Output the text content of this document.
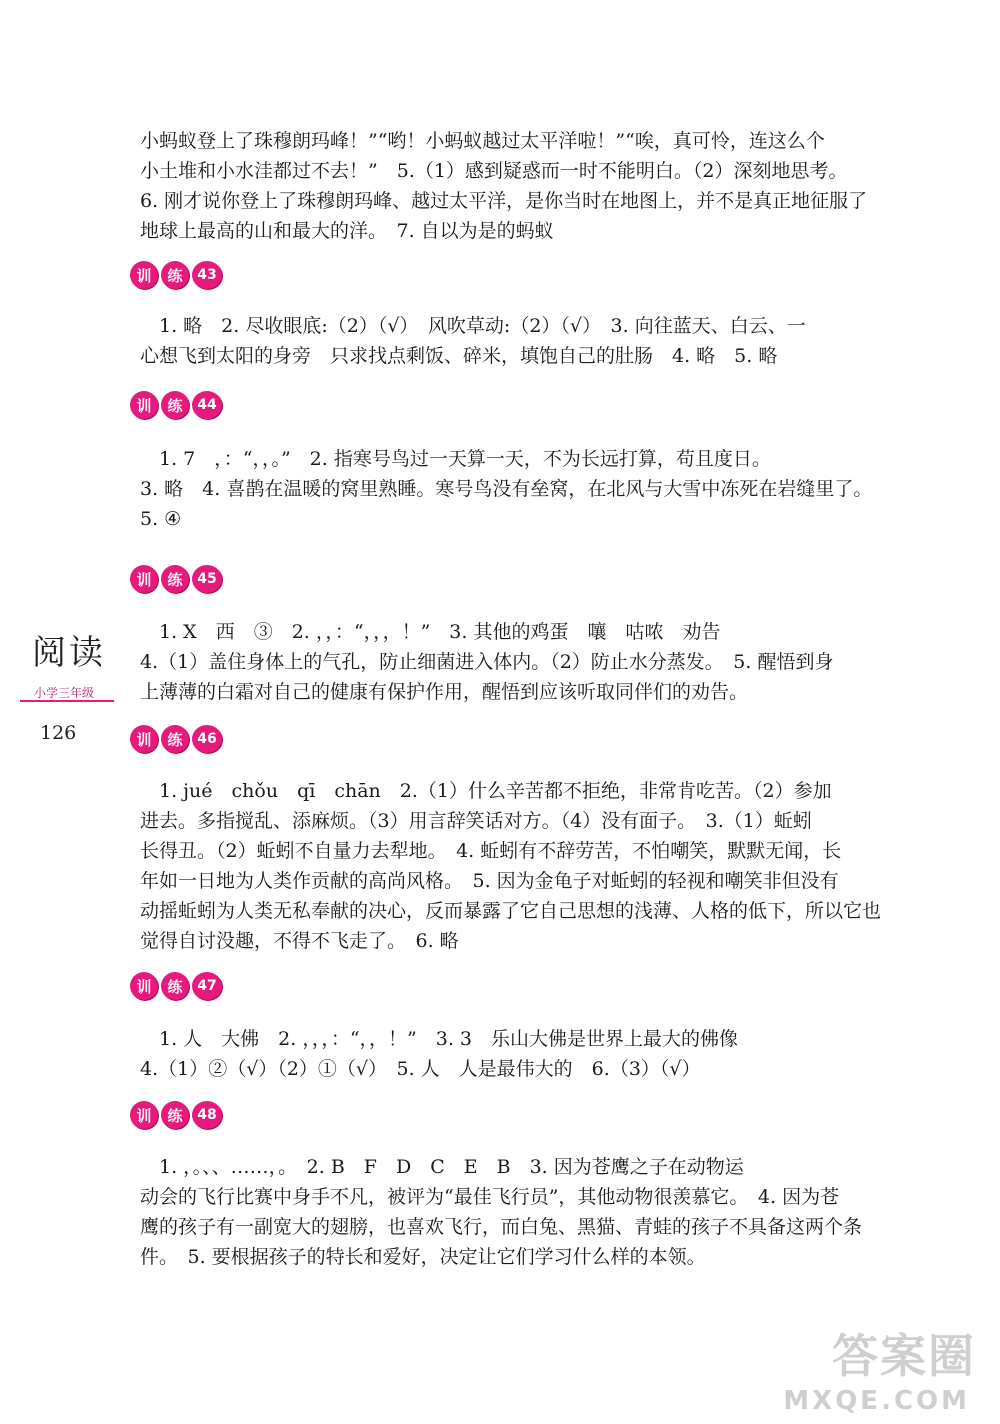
小蚂蚁登上了珠穆朗玛峰！”“哟！小蚂蚁越过太平洋啦！”“唉，真可怜，连这么个
小土堆和小水洼都过不去！”　5.（1）感到疑惑而一时不能明白。（2）深刻地思考。
6. 刚才说你登上了珠穆朗玛峰、越过太平洋，是你当时在地图上，并不是真正地征服了
地球上最高的山和最大的洋。　7. 自以为是的蚂蚁
训	练	43
　1. 略　2. 尽收眼底:（2）（√）　风吹草动:（2）（√）　3. 向往蓝天、白云、一
心想飞到太阳的身旁　只求找点剩饭、碎米，填饱自己的肚肠　4. 略　5. 略
训	练	44
　1. 7　，：“，，。”　2. 指寒号鸟过一天算一天，不为长远打算，苟且度日。
3. 略　4. 喜鹊在温暖的窝里熟睡。寒号鸟没有垒窝，在北风与大雪中冻死在岩缝里了。
5. ④
训	练	45
　1. X　西　③　2. ，，：“，，，！”　3. 其他的鸡蛋　嚷　咕哝　劝告
4.（1）盖住身体上的气孔，防止细菌进入体内。（2）防止水分蒸发。　5. 醒悟到身
上薄薄的白霜对自己的健康有保护作用，醒悟到应该听取同伴们的劝告。
训	练	46
　1. jué　chǒu　qī　chān　2.（1）什么辛苦都不拒绝，非常肯吃苦。（2）参加
进去。多指搅乱、添麻烦。（3）用言辞笑话对方。（4）没有面子。　3.（1）蚯蚓
长得丑。（2）蚯蚓不自量力去犁地。　4. 蚯蚓有不辞劳苦，不怕嘲笑，默默无闻，长
年如一日地为人类作贡献的高尚风格。　5. 因为金龟子对蚯蚓的轻视和嘲笑非但没有
动摇蚯蚓为人类无私奉献的决心，反而暴露了它自己思想的浅薄、人格的低下，所以它也
觉得自讨没趣，不得不飞走了。　6. 略
训	练	47
　1. 人　大佛　2. ，，，：“，，！”　3. 3　乐山大佛是世界上最大的佛像
4.（1）②（√）（2）①（√）　5. 人　人是最伟大的　6.（3）（√）
训	练	48
　1. ，。、、……，。　2. B　F　D　C　E　B　3. 因为苍鹰之子在动物运
动会的飞行比赛中身手不凡，被评为“最佳飞行员”，其他动物很羡慕它。　4. 因为苍
鹰的孩子有一副宽大的翅膀，也喜欢飞行，而白兔、黑猫、青蛙的孩子不具备这两个条
件。　5. 要根据孩子的特长和爱好，决定让它们学习什么样的本领。
阅读
小学三年级
126
答案圈
MXQE.COM
